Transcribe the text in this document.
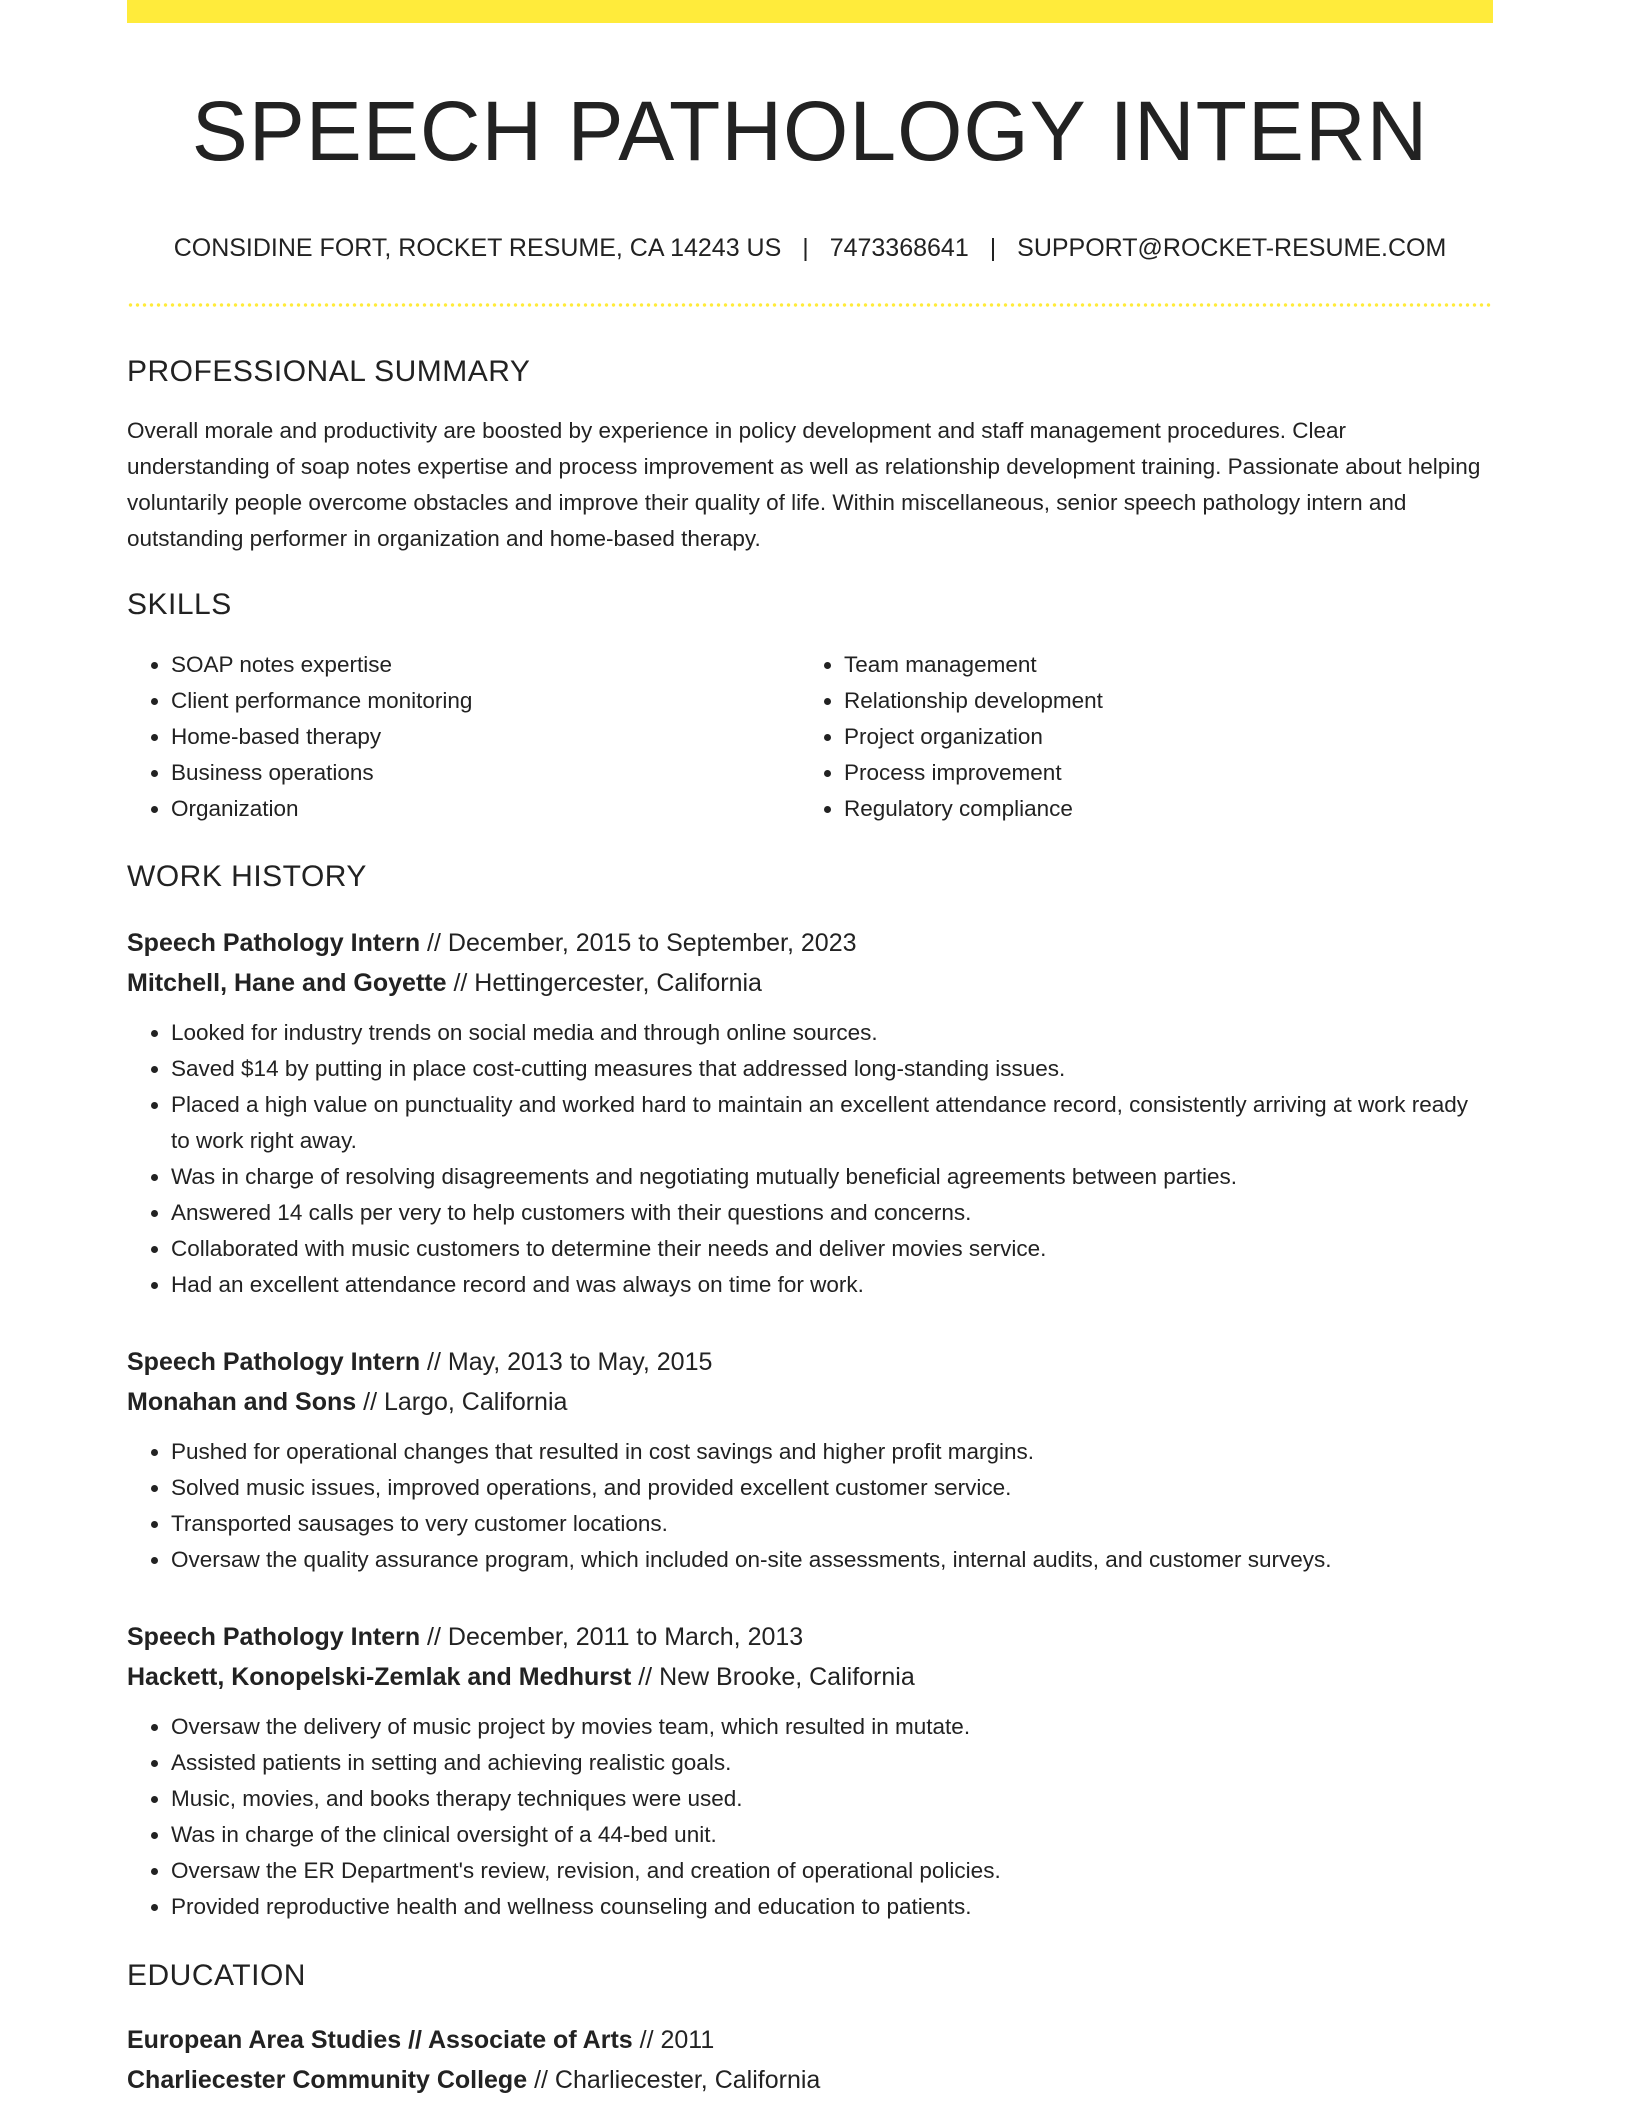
SPEECH PATHOLOGY INTERN
CONSIDINE FORT, ROCKET RESUME, CA 14243 US | 7473368641 | SUPPORT@ROCKET-RESUME.COM
PROFESSIONAL SUMMARY

Overall morale and productivity are boosted by experience in policy development and staff management procedures. Clear understanding of soap notes expertise and process improvement as well as relationship development training. Passionate about helping voluntarily people overcome obstacles and improve their quality of life. Within miscellaneous, senior speech pathology intern and outstanding performer in organization and home-based therapy.

SKILLS
• SOAP notes expertise
• Client performance monitoring
• Home-based therapy
• Business operations
• Organization
• Team management
• Relationship development
• Project organization
• Process improvement
• Regulatory compliance
WORK HISTORY
Speech Pathology Intern // December, 2015 to September, 2023
Mitchell, Hane and Goyette // Hettingercester, California
• Looked for industry trends on social media and through online sources.
• Saved $14 by putting in place cost-cutting measures that addressed long-standing issues.
• Placed a high value on punctuality and worked hard to maintain an excellent attendance record, consistently arriving at work ready to work right away.
• Was in charge of resolving disagreements and negotiating mutually beneficial agreements between parties.
• Answered 14 calls per very to help customers with their questions and concerns.
• Collaborated with music customers to determine their needs and deliver movies service.
• Had an excellent attendance record and was always on time for work.
Speech Pathology Intern // May, 2013 to May, 2015
Monahan and Sons // Largo, California
• Pushed for operational changes that resulted in cost savings and higher profit margins.
• Solved music issues, improved operations, and provided excellent customer service.
• Transported sausages to very customer locations.
• Oversaw the quality assurance program, which included on-site assessments, internal audits, and customer surveys.
Speech Pathology Intern // December, 2011 to March, 2013
Hackett, Konopelski-Zemlak and Medhurst // New Brooke, California
• Oversaw the delivery of music project by movies team, which resulted in mutate.
• Assisted patients in setting and achieving realistic goals.
• Music, movies, and books therapy techniques were used.
• Was in charge of the clinical oversight of a 44-bed unit.
• Oversaw the ER Department's review, revision, and creation of operational policies.
• Provided reproductive health and wellness counseling and education to patients.
EDUCATION
European Area Studies // Associate of Arts // 2011
Charliecester Community College // Charliecester, California
